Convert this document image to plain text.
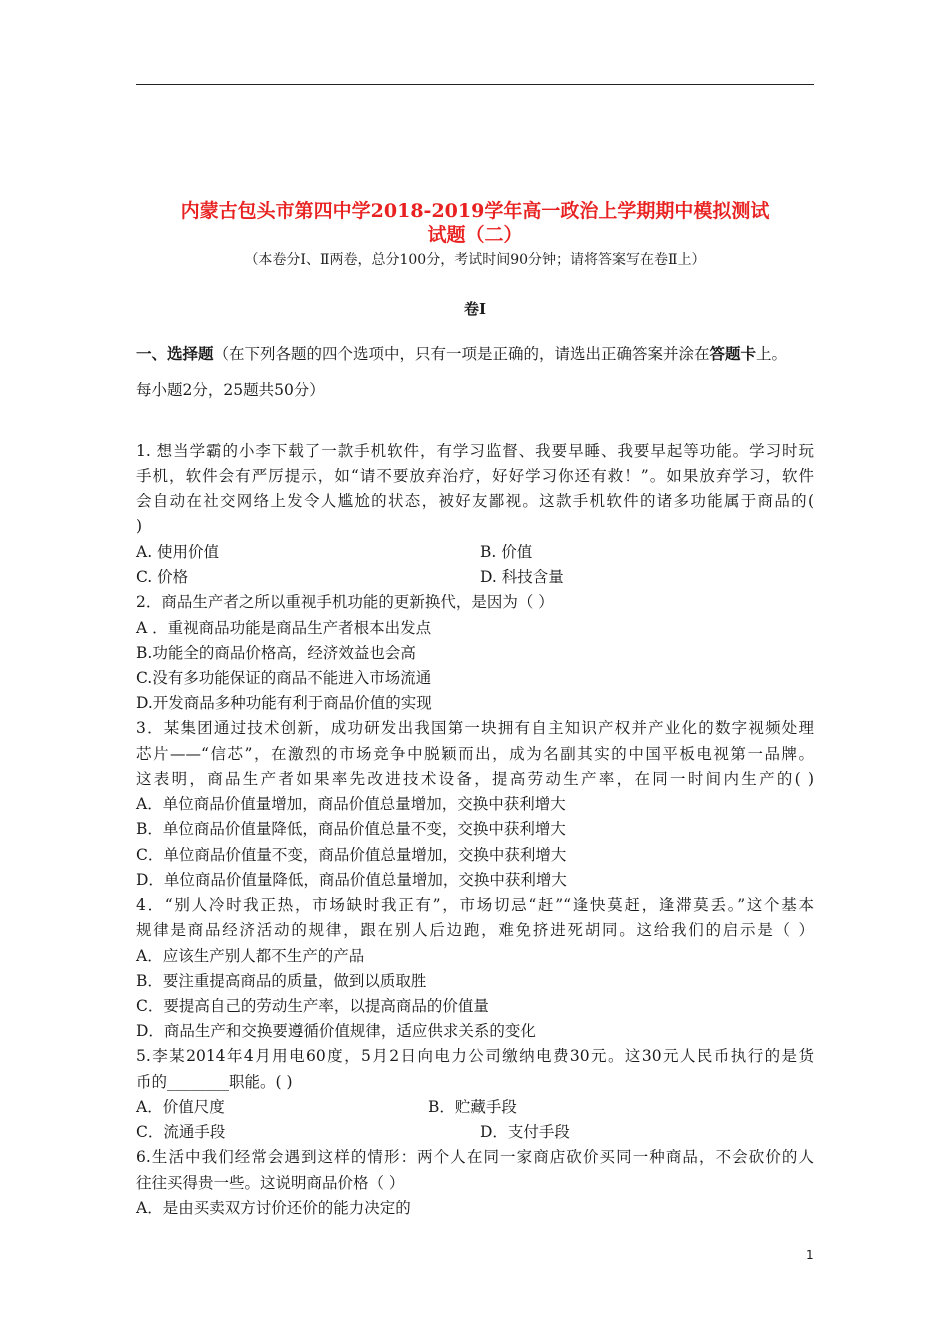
内蒙古包头市第四中学2018-2019学年高一政治上学期期中模拟测试
试题（二）
（本卷分Ⅰ、Ⅱ两卷，总分100分，考试时间90分钟；请将答案写在卷Ⅱ上）
卷Ⅰ
一、选择题（在下列各题的四个选项中，只有一项是正确的，请选出正确答案并涂在答题卡上。
每小题2分，25题共50分）
1. 想当学霸的小李下载了一款手机软件，有学习监督、我要早睡、我要早起等功能。学习时玩
手机，软件会有严厉提示，如“请不要放弃治疗，好好学习你还有救！”。如果放弃学习，软件
会自动在社交网络上发令人尴尬的状态，被好友鄙视。这款手机软件的诸多功能属于商品的(
)
A. 使用价值	B. 价值
C. 价格	D. 科技含量
2．商品生产者之所以重视手机功能的更新换代，是因为（ ）
A ．重视商品功能是商品生产者根本出发点
B.功能全的商品价格高，经济效益也会高
C.没有多功能保证的商品不能进入市场流通
D.开发商品多种功能有利于商品价值的实现
3．某集团通过技术创新，成功研发出我国第一块拥有自主知识产权并产业化的数字视频处理
芯片——“信芯”，在激烈的市场竞争中脱颖而出，成为名副其实的中国平板电视第一品牌。
这表明，商品生产者如果率先改进技术设备，提高劳动生产率，在同一时间内生产的( )
A．单位商品价值量增加，商品价值总量增加，交换中获利增大
B．单位商品价值量降低，商品价值总量不变，交换中获利增大
C．单位商品价值量不变，商品价值总量增加，交换中获利增大
D．单位商品价值量降低，商品价值总量增加，交换中获利增大
4．“别人冷时我正热，市场缺时我正有”，市场切忌“赶”“逢快莫赶，逢滞莫丢。”这个基本
规律是商品经济活动的规律，跟在别人后边跑，难免挤进死胡同。这给我们的启示是（ ）
A．应该生产别人都不生产的产品
B．要注重提高商品的质量，做到以质取胜
C．要提高自己的劳动生产率，以提高商品的价值量
D．商品生产和交换要遵循价值规律，适应供求关系的变化
5.李某2014年4月用电60度，5月2日向电力公司缴纳电费30元。这30元人民币执行的是货
币的________职能。( )
A．价值尺度	B．贮藏手段
C．流通手段	D．支付手段
6.生活中我们经常会遇到这样的情形：两个人在同一家商店砍价买同一种商品，不会砍价的人
往往买得贵一些。这说明商品价格（ ）
A．是由买卖双方讨价还价的能力决定的
1
